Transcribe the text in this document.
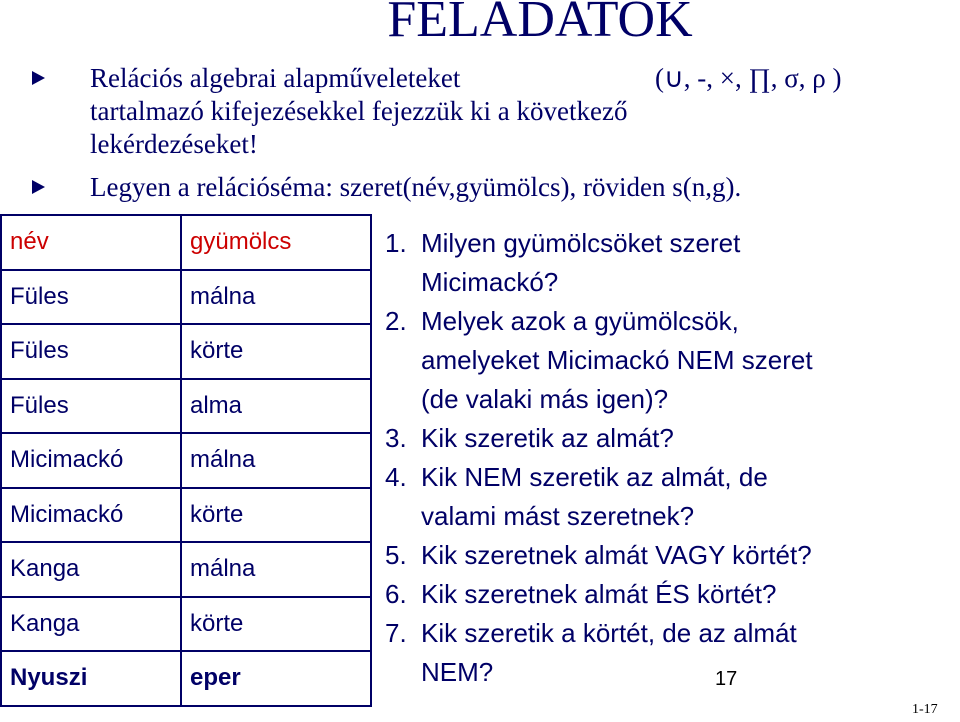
FELADATOK
(∪, -, ×, ∏, σ, ρ )
Relációs algebrai alapműveleteket
tartalmazó kifejezésekkel fejezzük ki a következő
lekérdezéseket!
Legyen a relációséma: szeret(név,gyümölcs), röviden s(n,g).
név	gyümölcs
Füles	málna
Füles	körte
Füles	alma
Micimackó	málna
Micimackó	körte
Kanga	málna
Kanga	körte
Nyuszi	eper
1. Milyen gyümölcsöket szeret
Micimackó?
2. Melyek azok a gyümölcsök,
amelyeket Micimackó NEM szeret
(de valaki más igen)?
3. Kik szeretik az almát?
4. Kik NEM szeretik az almát, de
valami mást szeretnek?
5. Kik szeretnek almát VAGY körtét?
6. Kik szeretnek almát ÉS körtét?
7. Kik szeretik a körtét, de az almát
NEM?	17
1-17
